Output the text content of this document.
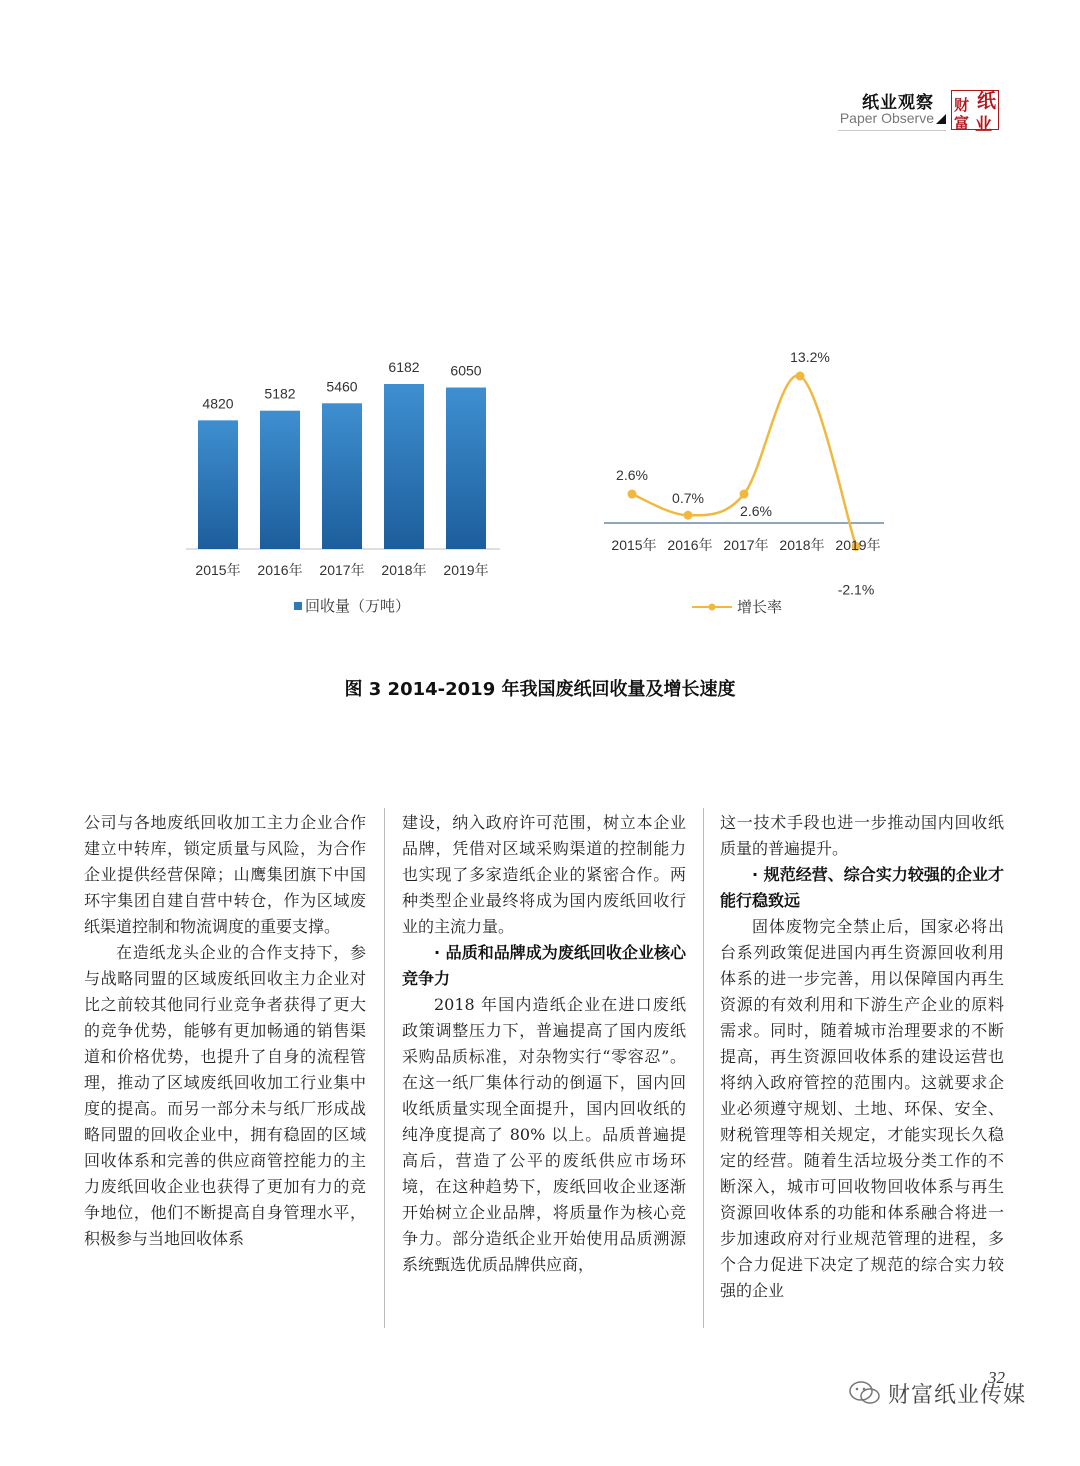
纸业观察
Paper Observe
财 纸
富 业
4820
2015年
5182
2016年
5460
2017年
6182
2018年
6050
2019年
回收量（万吨）
2.6%
2015年
0.7%
2016年
2.6%
2017年
13.2%
2018年
-2.1%
2019年
增长率
图 3 2014-2019 年我国废纸回收量及增长速度

公司与各地废纸回收加工主力企业合作建立中转库，锁定质量与风险，为合作企业提供经营保障；山鹰集团旗下中国环宇集团自建自营中转仓，作为区域废纸渠道控制和物流调度的重要支撑。

在造纸龙头企业的合作支持下，参与战略同盟的区域废纸回收主力企业对比之前较其他同行业竞争者获得了更大的竞争优势，能够有更加畅通的销售渠道和价格优势，也提升了自身的流程管理，推动了区域废纸回收加工行业集中度的提高。而另一部分未与纸厂形成战略同盟的回收企业中，拥有稳固的区域回收体系和完善的供应商管控能力的主力废纸回收企业也获得了更加有力的竞争地位，他们不断提高自身管理水平，积极参与当地回收体系

建设，纳入政府许可范围，树立本企业品牌，凭借对区域采购渠道的控制能力也实现了多家造纸企业的紧密合作。两种类型企业最终将成为国内废纸回收行业的主流力量。

· 品质和品牌成为废纸回收企业核心竞争力

2018 年国内造纸企业在进口废纸政策调整压力下，普遍提高了国内废纸采购品质标准，对杂物实行“零容忍”。在这一纸厂集体行动的倒逼下，国内回收纸质量实现全面提升，国内回收纸的纯净度提高了 80% 以上。品质普遍提高后，营造了公平的废纸供应市场环境，在这种趋势下，废纸回收企业逐渐开始树立企业品牌，将质量作为核心竞争力。部分造纸企业开始使用品质溯源系统甄选优质品牌供应商，

这一技术手段也进一步推动国内回收纸质量的普遍提升。

· 规范经营、综合实力较强的企业才能行稳致远

固体废物完全禁止后，国家必将出台系列政策促进国内再生资源回收利用体系的进一步完善，用以保障国内再生资源的有效利用和下游生产企业的原料需求。同时，随着城市治理要求的不断提高，再生资源回收体系的建设运营也将纳入政府管控的范围内。这就要求企业必须遵守规划、土地、环保、安全、财税管理等相关规定，才能实现长久稳定的经营。随着生活垃圾分类工作的不断深入，城市可回收物回收体系与再生资源回收体系的功能和体系融合将进一步加速政府对行业规范管理的进程，多个合力促进下决定了规范的综合实力较强的企业

财富纸业传媒
32
